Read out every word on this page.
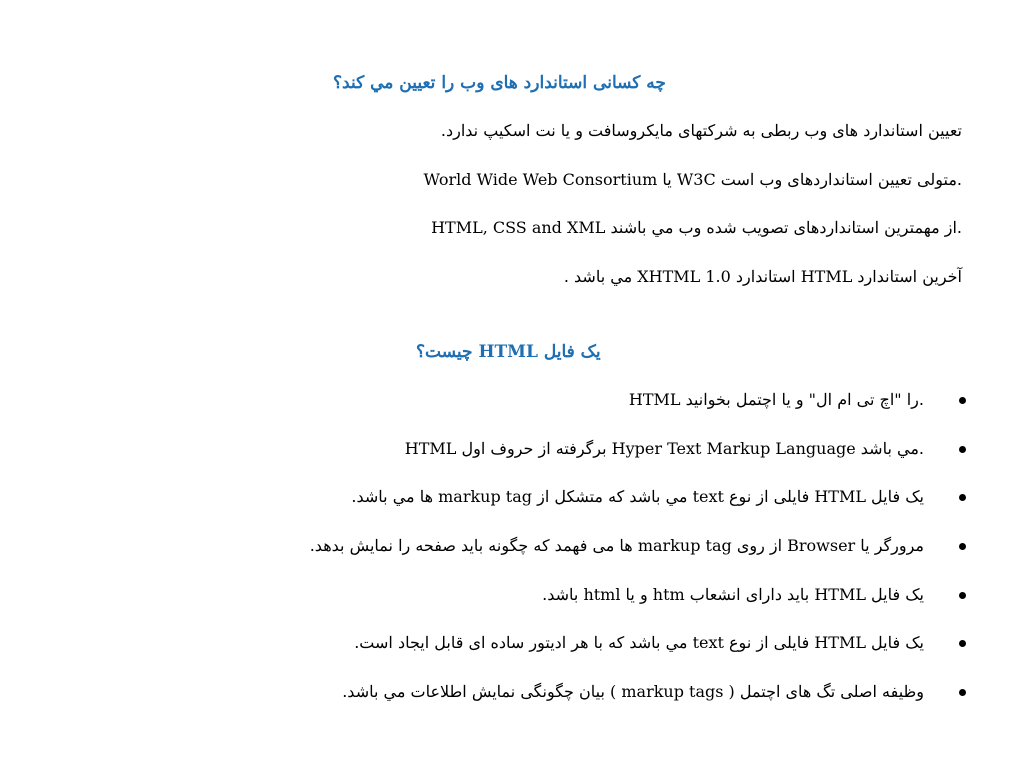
چه کسانی استاندارد های وب را تعيين مي کند؟
تعیین استاندارد های وب ربطی به شرکتهای مایکروسافت و یا نت اسکیپ ندارد.
World Wide Web Consortium یا W3C متولی تعیین استانداردهای وب است.
HTML, CSS and XML از مهمترین استانداردهای تصویب شده وب مي باشند.
آخرین استاندارد HTML استاندارد XHTML 1.0 مي باشد .
یک فایل HTML چیست؟
HTML را "اچ تی ام ال" و یا اچتمل بخوانید.
HTML برگرفته از حروف اول Hyper Text Markup Language مي باشد.
یک فایل HTML فایلی از نوع text مي باشد که متشکل از markup tag ها مي باشد.
مرورگر یا Browser از روی markup tag ها می فهمد که چگونه باید صفحه را نمایش بدهد.
یک فایل HTML باید دارای انشعاب htm و یا html باشد.
یک فایل HTML فایلی از نوع text مي باشد که با هر ادیتور ساده ای قابل ایجاد است.
وظیفه اصلی تگ های اچتمل ( markup tags ) بیان چگونگی نمایش اطلاعات مي باشد.
